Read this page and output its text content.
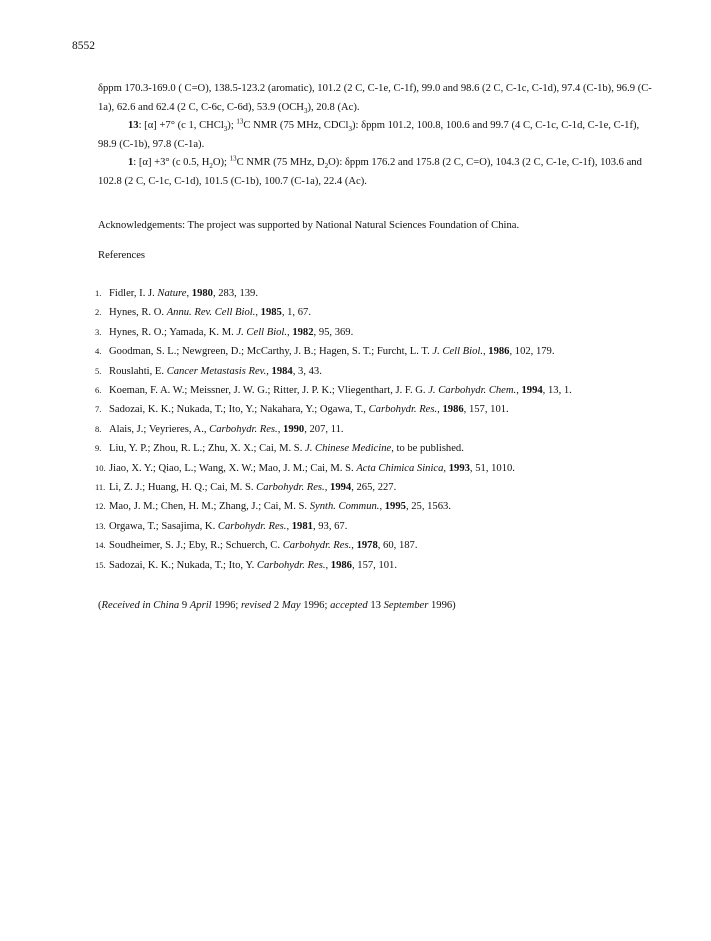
8552

δppm 170.3-169.0 ( C=O), 138.5-123.2 (aromatic), 101.2 (2 C, C-1e, C-1f), 99.0 and 98.6 (2 C, C-1c, C-1d), 97.4 (C-1b), 96.9 (C-1a), 62.6 and 62.4 (2 C, C-6c, C-6d), 53.9 $(OCH_3)$, 20.8 (Ac).

13: [α] +7° (c 1, CHCl$_3$); $^{13}$C NMR (75 MHz, CDCl$_3$): δppm 101.2, 100.8, 100.6 and 99.7 (4 C, C-1c, C-1d, C-1e, C-1f), 98.9 (C-1b), 97.8 (C-1a).

1: [α] +3° (c 0.5, $H_2O$); $^{13}$C NMR (75 MHz, $D_2O$): δppm 176.2 and 175.8 (2 C, C=O), 104.3 (2 C, C-1e, C-1f), 103.6 and 102.8 (2 C, C-1c, C-1d), 101.5 (C-1b), 100.7 (C-1a), 22.4 (Ac).

Acknowledgements: The project was supported by National Natural Sciences Foundation of China.
References
1. Fidler, I. J. Nature, 1980, 283, 139.
2. Hynes, R. O. Annu. Rev. Cell Biol., 1985, 1, 67.
3. Hynes, R. O.; Yamada, K. M. J. Cell Biol., 1982, 95, 369.
4. Goodman, S. L.; Newgreen, D.; McCarthy, J. B.; Hagen, S. T.; Furcht, L. T. J. Cell Biol., 1986, 102, 179.
5. Rouslahti, E. Cancer Metastasis Rev., 1984, 3, 43.
6. Koeman, F. A. W.; Meissner, J. W. G.; Ritter, J. P. K.; Vliegenthart, J. F. G. J. Carbohydr. Chem., 1994, 13, 1.
7. Sadozai, K. K.; Nukada, T.; Ito, Y.; Nakahara, Y.; Ogawa, T., Carbohydr. Res., 1986, 157, 101.
8. Alais, J.; Veyrieres, A., Carbohydr. Res., 1990, 207, 11.
9. Liu, Y. P.; Zhou, R. L.; Zhu, X. X.; Cai, M. S. J. Chinese Medicine, to be published.
10. Jiao, X. Y.; Qiao, L.; Wang, X. W.; Mao, J. M.; Cai, M. S. Acta Chimica Sinica, 1993, 51, 1010.
11. Li, Z. J.; Huang, H. Q.; Cai, M. S. Carbohydr. Res., 1994, 265, 227.
12. Mao, J. M.; Chen, H. M.; Zhang, J.; Cai, M. S. Synth. Commun., 1995, 25, 1563.
13. Orgawa, T.; Sasajima, K. Carbohydr. Res., 1981, 93, 67.
14. Soudheimer, S. J.; Eby, R.; Schuerch, C. Carbohydr. Res., 1978, 60, 187.
15. Sadozai, K. K.; Nukada, T.; Ito, Y. Carbohydr. Res., 1986, 157, 101.
(Received in China 9 April 1996; revised 2 May 1996; accepted 13 September 1996)
